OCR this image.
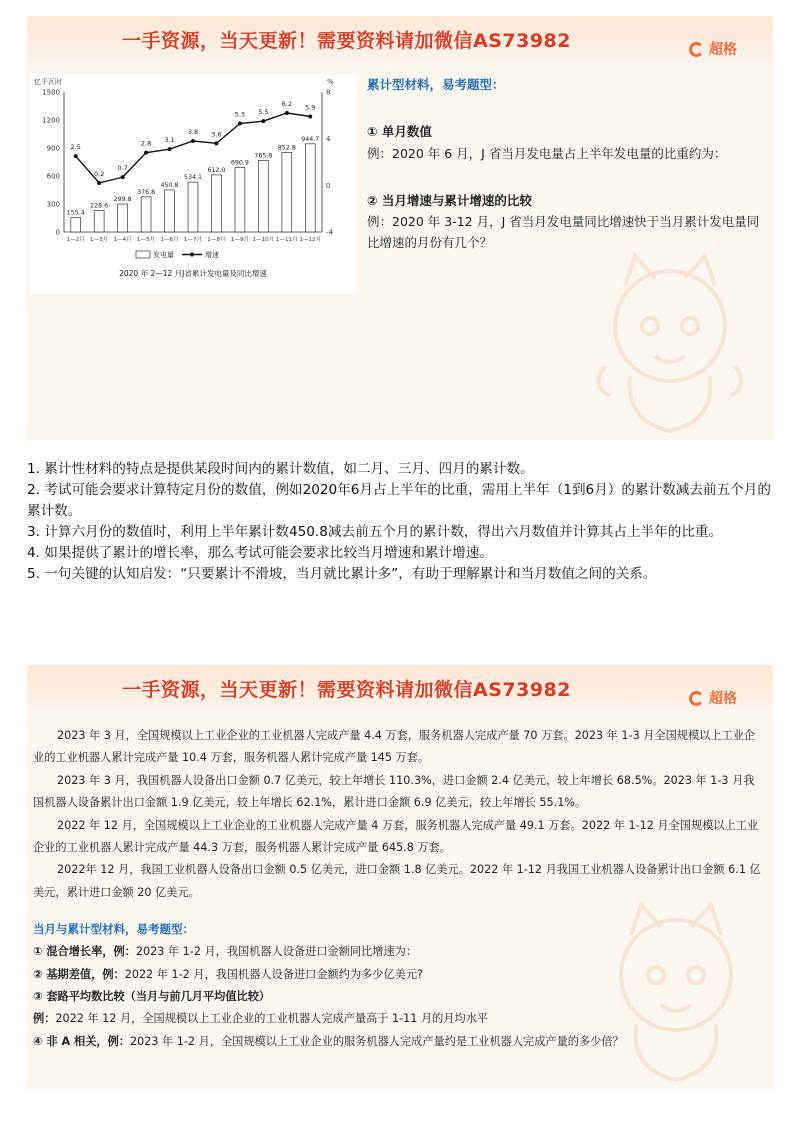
一手资源，当天更新！需要资料请加微信AS73982	超格
亿千瓦时	%
0
300
600
900
1200
1500
-4
0
4
8
155.4
228.6
299.8
376.8
450.8
534.1
612.0
690.9
765.8
852.8
944.7
2.5
0.2
0.7
2.8 3.1
3.8 3.6
5.3 5.5
6.2 5.9
1—2月 1—3月 1—4月 1—5月 1—6月 1—7月 1—8月 1—9月 1—10月 1—11月 1—12月
发电量	增速
2020 年 2—12 月J省累计发电量及同比增速
累计型材料，易考题型：
① 单月数值
例：2020 年 6 月，J 省当月发电量占上半年发电量的比重约为：
② 当月增速与累计增速的比较
例：2020 年 3-12 月，J 省当月发电量同比增速快于当月累计发电量同比增速的月份有几个？
1. 累计性材料的特点是提供某段时间内的累计数值，如二月、三月、四月的累计数。
2. 考试可能会要求计算特定月份的数值，例如2020年6月占上半年的比重，需用上半年（1到6月）的累计数减去前五个月的累计数。
3. 计算六月份的数值时，利用上半年累计数450.8减去前五个月的累计数，得出六月数值并计算其占上半年的比重。
4. 如果提供了累计的增长率，那么考试可能会要求比较当月增速和累计增速。
5. 一句关键的认知启发：“只要累计不滑坡，当月就比累计多”，有助于理解累计和当月数值之间的关系。
一手资源，当天更新！需要资料请加微信AS73982	超格
2023 年 3 月，全国规模以上工业企业的工业机器人完成产量 4.4 万套，服务机器人完成产量 70 万套。2023 年 1-3 月全国规模以上工业企业的工业机器人累计完成产量 10.4 万套，服务机器人累计完成产量 145 万套。
2023 年 3 月，我国机器人设备出口金额 0.7 亿美元，较上年增长 110.3%，进口金额 2.4 亿美元，较上年增长 68.5%。2023 年 1-3 月我国机器人设备累计出口金额 1.9 亿美元，较上年增长 62.1%，累计进口金额 6.9 亿美元，较上年增长 55.1%。
2022 年 12 月，全国规模以上工业企业的工业机器人完成产量 4 万套，服务机器人完成产量 49.1 万套。2022 年 1-12 月全国规模以上工业企业的工业机器人累计完成产量 44.3 万套，服务机器人累计完成产量 645.8 万套。
2022年 12 月，我国工业机器人设备出口金额 0.5 亿美元，进口金额 1.8 亿美元。2022 年 1-12 月我国工业机器人设备累计出口金额 6.1 亿美元，累计进口金额 20 亿美元。
当月与累计型材料，易考题型：
① 混合增长率，例：2023 年 1-2 月，我国机器人设备进口金额同比增速为：
② 基期差值，例：2022 年 1-2 月，我国机器人设备进口金额约为多少亿美元?
③ 套路平均数比较（当月与前几月平均值比较）
例：2022 年 12 月，全国规模以上工业企业的工业机器人完成产量高于 1-11 月的月均水平
④ 非 A 相关，例：2023 年 1-2 月，全国规模以上工业企业的服务机器人完成产量约是工业机器人完成产量的多少倍？
